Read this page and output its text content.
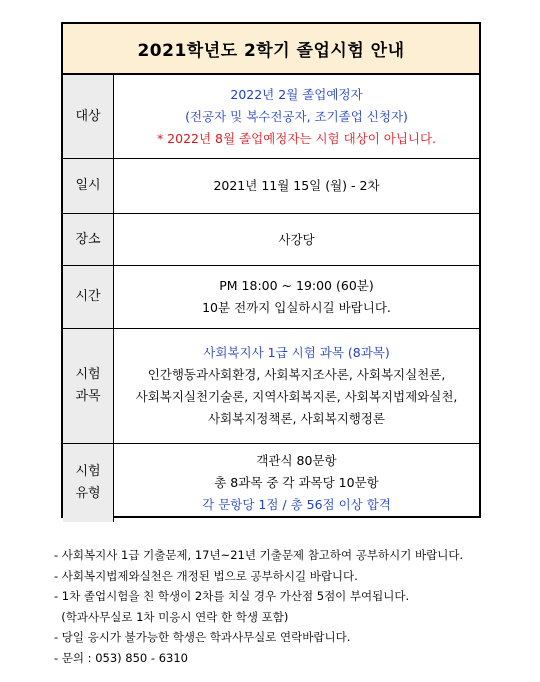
2021학년도 2학기 졸업시험 안내
대상
2022년 2월 졸업예정자
(전공자 및 복수전공자, 조기졸업 신청자)
* 2022년 8월 졸업예정자는 시험 대상이 아닙니다.
일시	2021년 11월 15일 (월) - 2차
장소	사강당
시간
PM 18:00 ~ 19:00 (60분)
10분 전까지 입실하시길 바랍니다.
시험
과목
사회복지사 1급 시험 과목 (8과목)
인간행동과사회환경, 사회복지조사론, 사회복지실천론,
사회복지실천기술론, 지역사회복지론, 사회복지법제와실천,
사회복지정책론, 사회복지행정론
시험
유형
객관식 80문항
총 8과목 중 각 과목당 10문항
각 문항당 1점 / 총 56점 이상 합격
- 사회복지사 1급 기출문제, 17년~21년 기출문제 참고하여 공부하시기 바랍니다.
- 사회복지법제와실천은 개정된 법으로 공부하시길 바랍니다.
- 1차 졸업시험을 친 학생이 2차를 치실 경우 가산점 5점이 부여됩니다.
(학과사무실로 1차 미응시 연락 한 학생 포함)
- 당일 응시가 불가능한 학생은 학과사무실로 연락바랍니다.
- 문의 : 053) 850 - 6310
